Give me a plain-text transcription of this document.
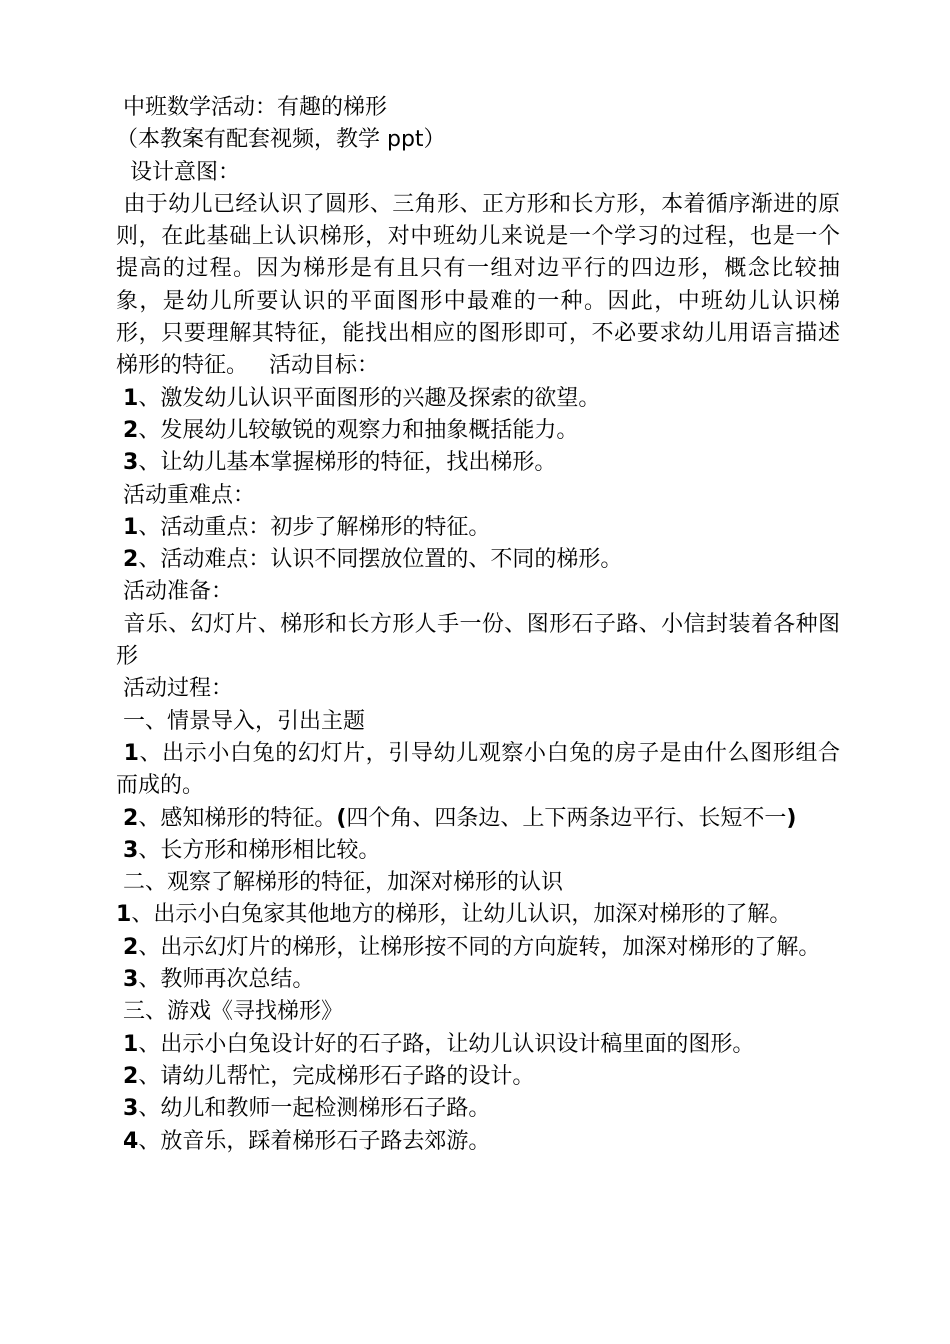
中班数学活动：有趣的梯形
（本教案有配套视频，教学 ppt）
设计意图：
由于幼儿已经认识了圆形、三角形、正方形和长方形，本着循序渐进的原则，在此基础上认识梯形，对中班幼儿来说是一个学习的过程，也是一个提高的过程。因为梯形是有且只有一组对边平行的四边形，概念比较抽象，是幼儿所要认识的平面图形中最难的一种。因此，中班幼儿认识梯形，只要理解其特征，能找出相应的图形即可，不必要求幼儿用语言描述梯形的特征。 活动目标：
1、激发幼儿认识平面图形的兴趣及探索的欲望。
2、发展幼儿较敏锐的观察力和抽象概括能力。
3、让幼儿基本掌握梯形的特征，找出梯形。
活动重难点：
1、活动重点：初步了解梯形的特征。
2、活动难点：认识不同摆放位置的、不同的梯形。
活动准备：
音乐、幻灯片、梯形和长方形人手一份、图形石子路、小信封装着各种图形
活动过程：
一、情景导入，引出主题
1、出示小白兔的幻灯片，引导幼儿观察小白兔的房子是由什么图形组合而成的。
2、感知梯形的特征。(四个角、四条边、上下两条边平行、长短不一)
3、长方形和梯形相比较。
二、观察了解梯形的特征，加深对梯形的认识
1、出示小白兔家其他地方的梯形，让幼儿认识，加深对梯形的了解。
2、出示幻灯片的梯形，让梯形按不同的方向旋转，加深对梯形的了解。
3、教师再次总结。
三、游戏《寻找梯形》
1、出示小白兔设计好的石子路，让幼儿认识设计稿里面的图形。
2、请幼儿帮忙，完成梯形石子路的设计。
3、幼儿和教师一起检测梯形石子路。
4、放音乐，踩着梯形石子路去郊游。
